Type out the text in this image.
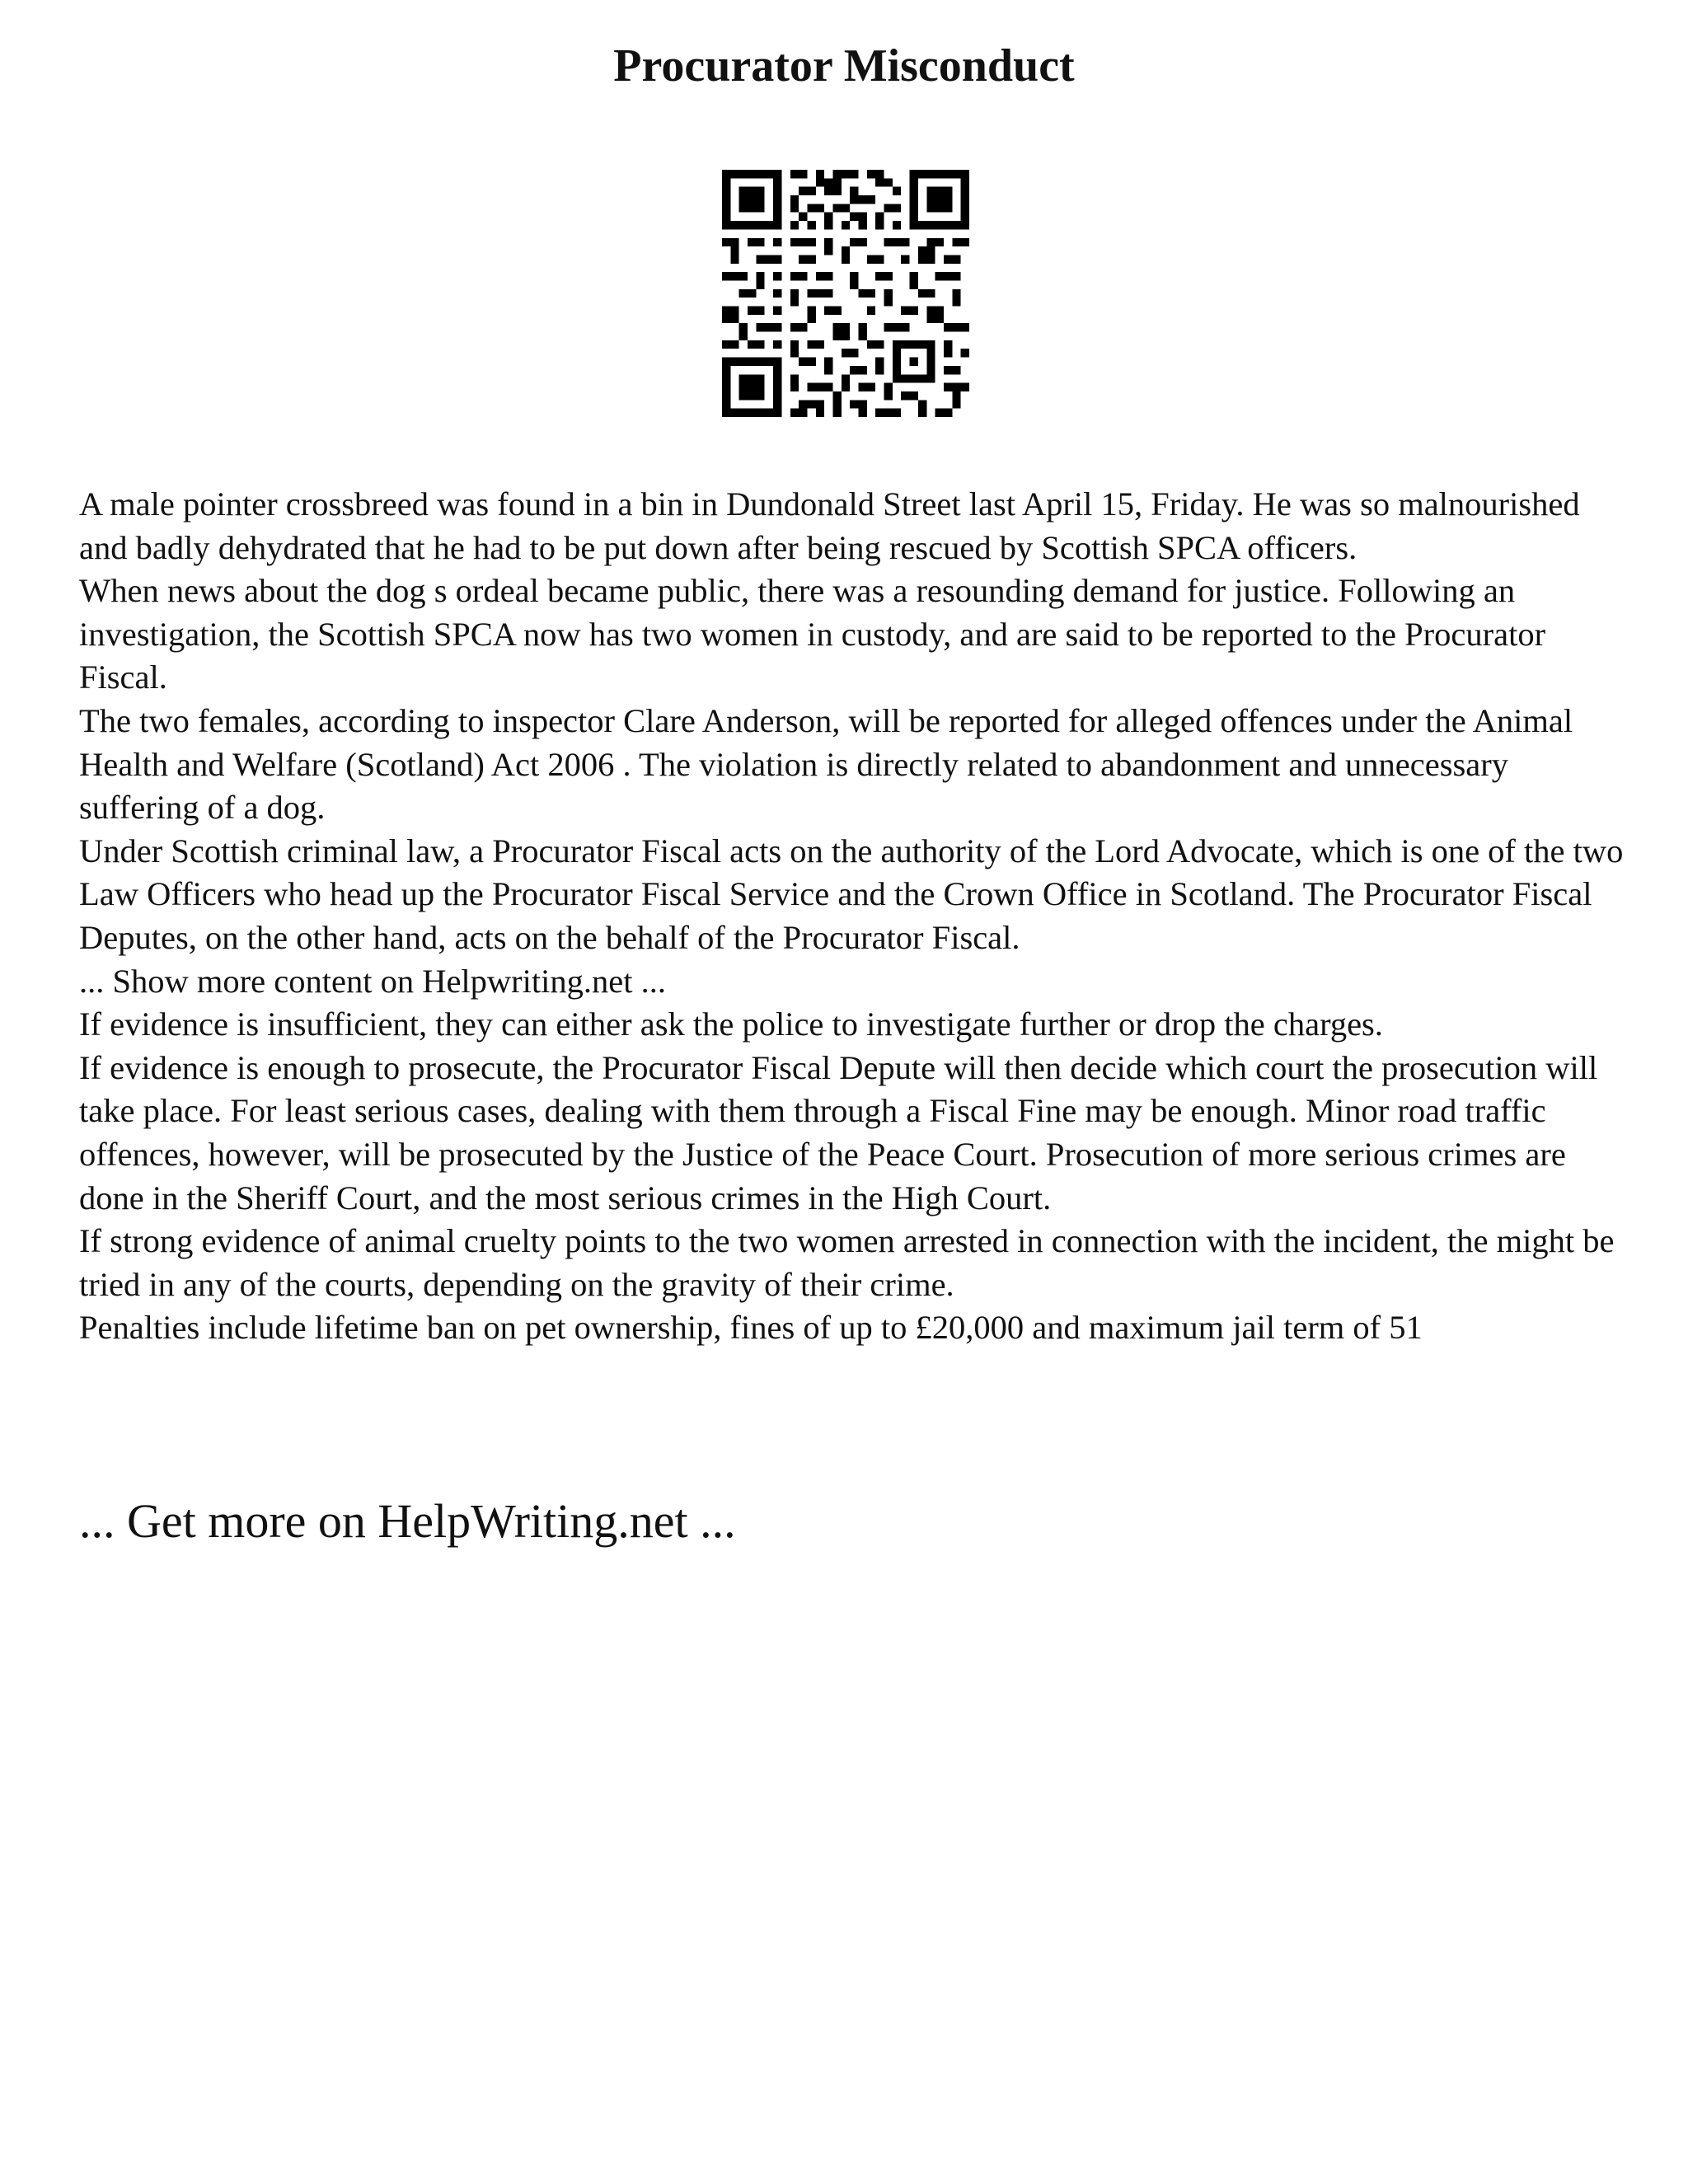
Procurator Misconduct

A male pointer crossbreed was found in a bin in Dundonald Street last April 15, Friday. He was so malnourished and badly dehydrated that he had to be put down after being rescued by Scottish SPCA officers.

When news about the dog s ordeal became public, there was a resounding demand for justice. Following an investigation, the Scottish SPCA now has two women in custody, and are said to be reported to the Procurator Fiscal.

The two females, according to inspector Clare Anderson, will be reported for alleged offences under the Animal Health and Welfare (Scotland) Act 2006 . The violation is directly related to abandonment and unnecessary suffering of a dog.

Under Scottish criminal law, a Procurator Fiscal acts on the authority of the Lord Advocate, which is one of the two Law Officers who head up the Procurator Fiscal Service and the Crown Office in Scotland. The Procurator Fiscal Deputes, on the other hand, acts on the behalf of the Procurator Fiscal.

... Show more content on Helpwriting.net ...

If evidence is insufficient, they can either ask the police to investigate further or drop the charges.

If evidence is enough to prosecute, the Procurator Fiscal Depute will then decide which court the prosecution will take place. For least serious cases, dealing with them through a Fiscal Fine may be enough. Minor road traffic offences, however, will be prosecuted by the Justice of the Peace Court. Prosecution of more serious crimes are done in the Sheriff Court, and the most serious crimes in the High Court.

If strong evidence of animal cruelty points to the two women arrested in connection with the incident, the might be tried in any of the courts, depending on the gravity of their crime.

Penalties include lifetime ban on pet ownership, fines of up to £20,000 and maximum jail term of 51

... Get more on HelpWriting.net ...
